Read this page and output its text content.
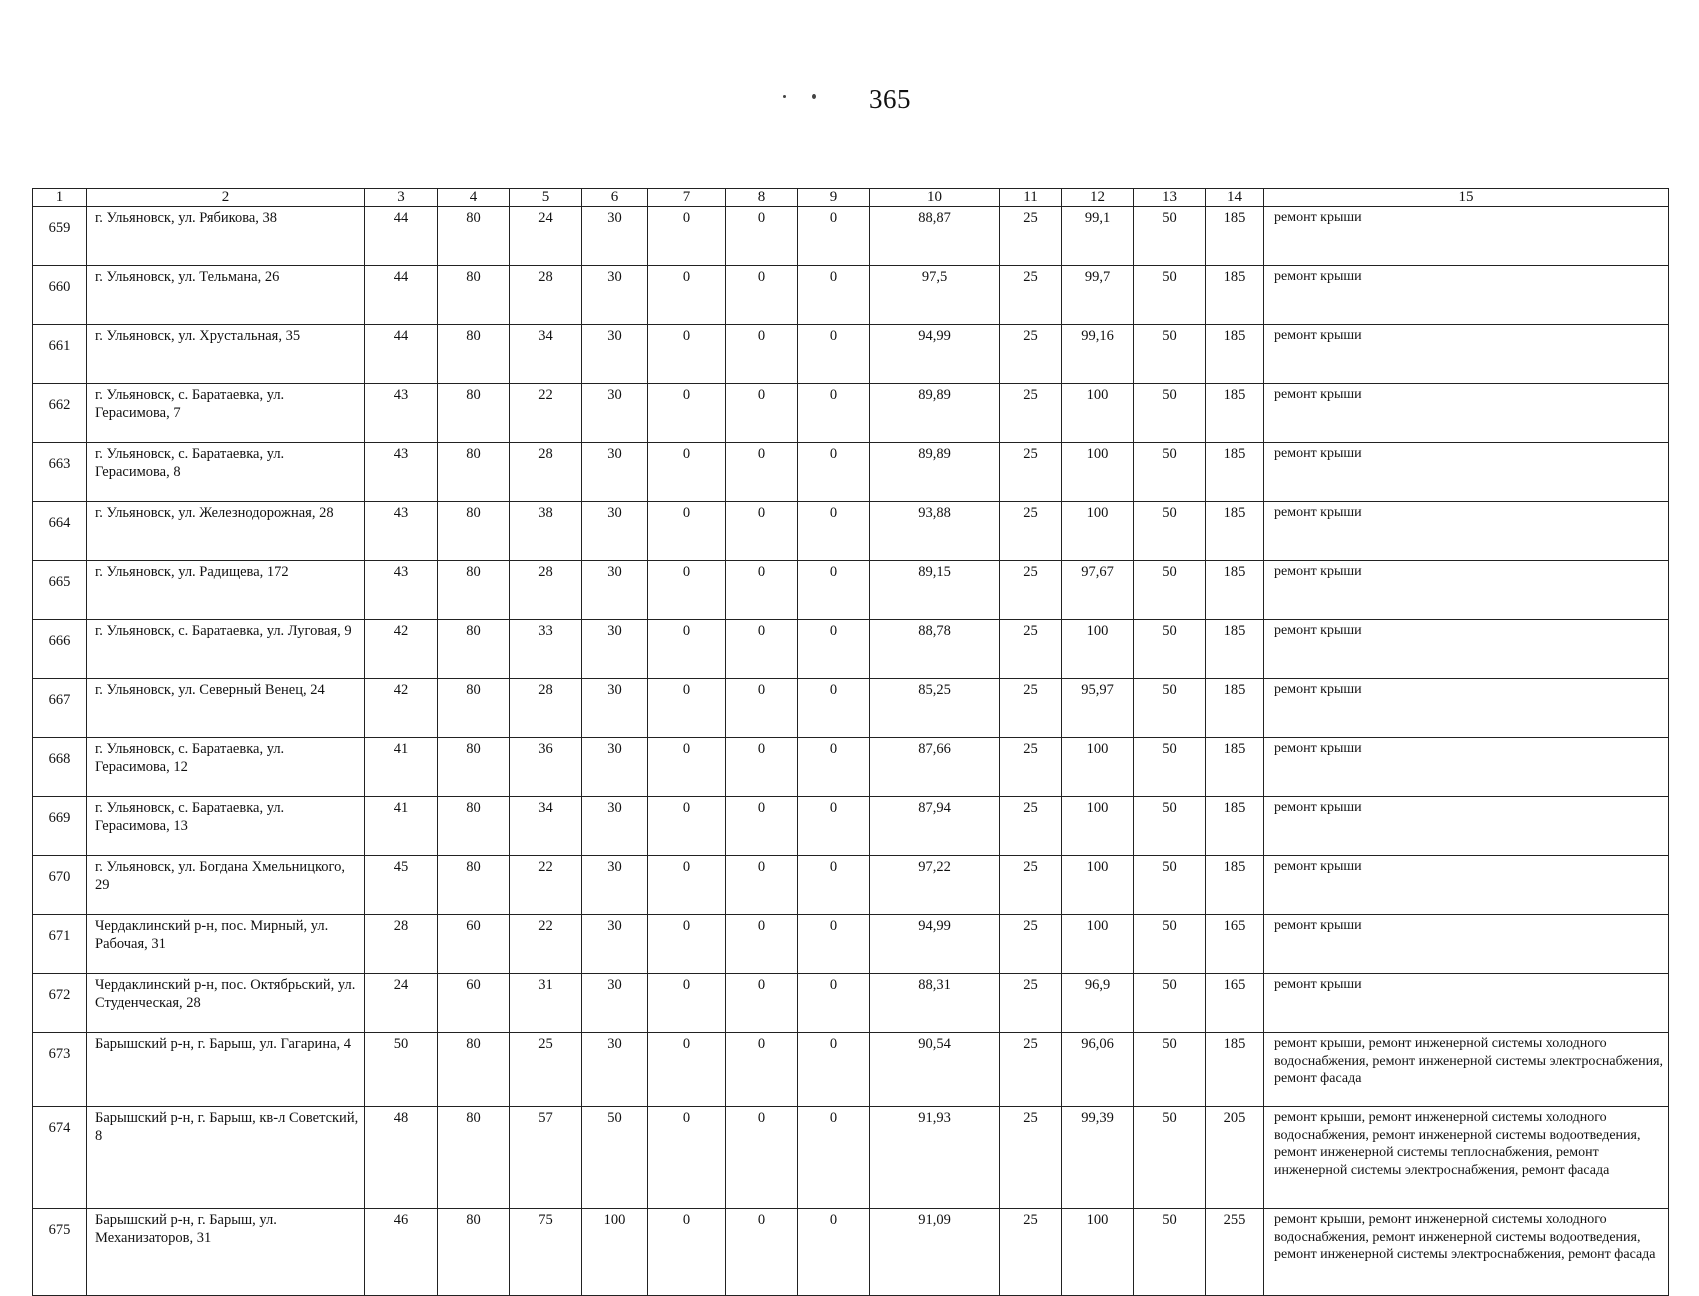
365
1	2	3	4	5	6	7	8	9	10	11	12	13	14	15
659	г. Ульяновск, ул. Рябикова, 38	44	80	24	30	0	0	0	88,87	25	99,1	50	185	ремонт крыши
660	г. Ульяновск, ул. Тельмана, 26	44	80	28	30	0	0	0	97,5	25	99,7	50	185	ремонт крыши
661	г. Ульяновск, ул. Хрустальная, 35	44	80	34	30	0	0	0	94,99	25	99,16	50	185	ремонт крыши
662	г. Ульяновск, с. Баратаевка, ул. Герасимова, 7	43	80	22	30	0	0	0	89,89	25	100	50	185	ремонт крыши
663	г. Ульяновск, с. Баратаевка, ул. Герасимова, 8	43	80	28	30	0	0	0	89,89	25	100	50	185	ремонт крыши
664	г. Ульяновск, ул. Железнодорожная, 28	43	80	38	30	0	0	0	93,88	25	100	50	185	ремонт крыши
665	г. Ульяновск, ул. Радищева, 172	43	80	28	30	0	0	0	89,15	25	97,67	50	185	ремонт крыши
666	г. Ульяновск, с. Баратаевка, ул. Луговая, 9	42	80	33	30	0	0	0	88,78	25	100	50	185	ремонт крыши
667	г. Ульяновск, ул. Северный Венец, 24	42	80	28	30	0	0	0	85,25	25	95,97	50	185	ремонт крыши
668	г. Ульяновск, с. Баратаевка, ул. Герасимова, 12	41	80	36	30	0	0	0	87,66	25	100	50	185	ремонт крыши
669	г. Ульяновск, с. Баратаевка, ул. Герасимова, 13	41	80	34	30	0	0	0	87,94	25	100	50	185	ремонт крыши
670	г. Ульяновск, ул. Богдана Хмельницкого, 29	45	80	22	30	0	0	0	97,22	25	100	50	185	ремонт крыши
671	Чердаклинский р-н, пос. Мирный, ул. Рабочая, 31	28	60	22	30	0	0	0	94,99	25	100	50	165	ремонт крыши
672	Чердаклинский р-н, пос. Октябрьский, ул. Студенческая, 28	24	60	31	30	0	0	0	88,31	25	96,9	50	165	ремонт крыши
673	Барышский р-н, г. Барыш, ул. Гагарина, 4	50	80	25	30	0	0	0	90,54	25	96,06	50	185	ремонт крыши, ремонт инженерной системы холодного водоснабжения, ремонт инженерной системы электроснабжения, ремонт фасада
674	Барышский р-н, г. Барыш, кв-л Советский, 8	48	80	57	50	0	0	0	91,93	25	99,39	50	205	ремонт крыши, ремонт инженерной системы холодного водоснабжения, ремонт инженерной системы водоотведения, ремонт инженерной системы теплоснабжения, ремонт инженерной системы электроснабжения, ремонт фасада
675	Барышский р-н, г. Барыш, ул. Механизаторов, 31	46	80	75	100	0	0	0	91,09	25	100	50	255	ремонт крыши, ремонт инженерной системы холодного водоснабжения, ремонт инженерной системы водоотведения, ремонт инженерной системы электроснабжения, ремонт фасада
